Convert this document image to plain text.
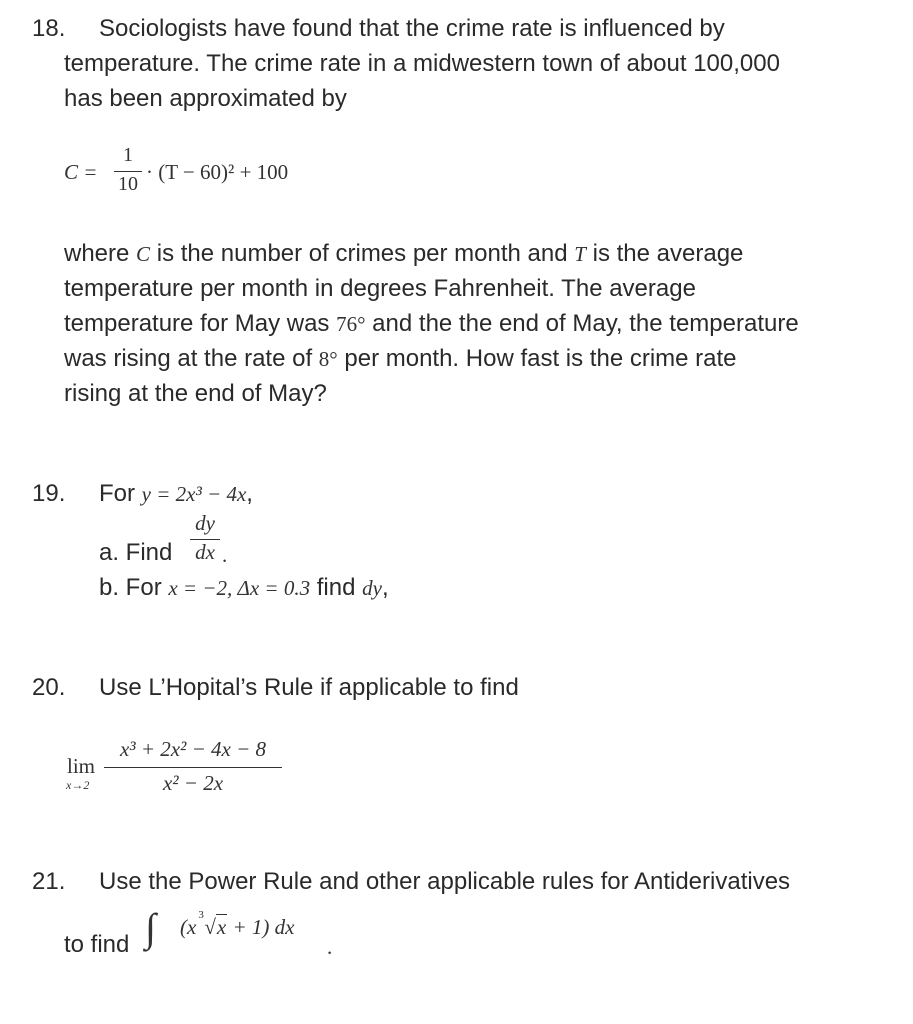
18. Sociologists have found that the crime rate is influenced by
temperature. The crime rate in a midwestern town of about 100,000
has been approximated by
C =
1
10 · (T − 60)² + 100
where C is the number of crimes per month and T is the average
temperature per month in degrees Fahrenheit. The average
temperature for May was 76° and the the end of May, the temperature
was rising at the rate of 8° per month. How fast is the crime rate
rising at the end of May?
19. For y = 2x³ − 4x,
a. Find
dy
dx .
b. For x = −2, Δx = 0.3 find dy,
20. Use L’Hopital’s Rule if applicable to find
lim
x→2
x³ + 2x² − 4x − 8
x² − 2x
21. Use the Power Rule and other applicable rules for Antiderivatives
to find ∫ (x 3 √x + 1) dx
.
